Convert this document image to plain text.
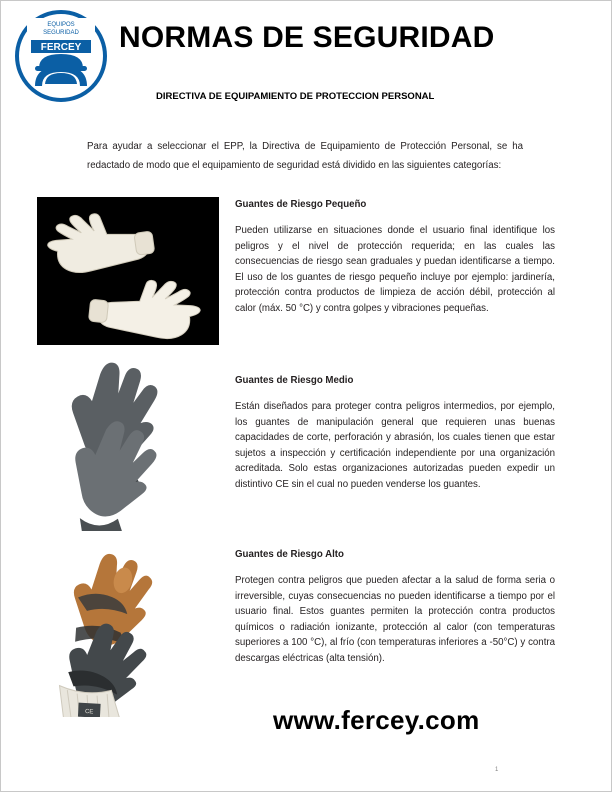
EQUIPOS
SEGURIDAD
FERCEY NORMAS DE SEGURIDAD
DIRECTIVA DE EQUIPAMIENTO DE PROTECCION PERSONAL
Para ayudar a seleccionar el EPP, la Directiva de Equipamiento de Protección Personal, se ha redactado de modo que el equipamiento de seguridad está dividido en las siguientes categorías:
Guantes de Riesgo Pequeño
Pueden utilizarse en situaciones donde el usuario final identifique los peligros y el nivel de protección requerida; en las cuales las consecuencias de riesgo sean graduales y puedan identificarse a tiempo. El uso de los guantes de riesgo pequeño incluye por ejemplo: jardinería, protección contra productos de limpieza de acción débil, protección al calor (máx. 50 °C) y contra golpes y vibraciones pequeñas.
Guantes de Riesgo Medio
Están diseñados para proteger contra peligros intermedios, por ejemplo, los guantes de manipulación general que requieren unas buenas capacidades de corte, perforación y abrasión, los cuales tienen que estar sujetos a inspección y certificación independiente por una organización acreditada. Solo estas organizaciones autorizadas pueden expedir un distintivo CE sin el cual no pueden venderse los guantes.
CE
Guantes de Riesgo Alto
Protegen contra peligros que pueden afectar a la salud de forma seria o irreversible, cuyas consecuencias no pueden identificarse a tiempo por el usuario final. Estos guantes permiten la protección contra productos químicos o radiación ionizante, protección al calor (con temperaturas superiores a 100 °C), al frío (con temperaturas inferiores a -50°C) y contra descargas eléctricas (alta tensión).
www.fercey.com
1
